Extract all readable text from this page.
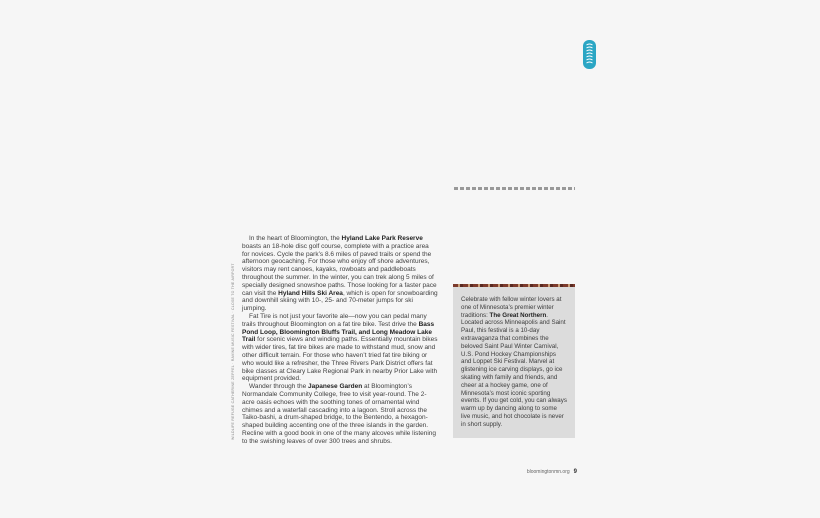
WILDLIFE REFUGE CATHERINE ZEPPEL · RAVINE MUSIC FESTIVAL · CLOSE TO THE AIRPORT

In the heart of Bloomington, the Hyland Lake Park Reserve boasts an 18-hole disc golf course, complete with a practice area for novices. Cycle the park’s 8.6 miles of paved trails or spend the afternoon geocaching. For those who enjoy off shore adventures, visitors may rent canoes, kayaks, rowboats and paddleboats throughout the summer. In the winter, you can trek along 5 miles of specially designed snowshoe paths. Those looking for a faster pace can visit the Hyland Hills Ski Area, which is open for snowboarding and downhill skiing with 10-, 25- and 70-meter jumps for ski jumping.

Fat Tire is not just your favorite ale—now you can pedal many trails throughout Bloomington on a fat tire bike. Test drive the Bass Pond Loop, Bloomington Bluffs Trail, and Long Meadow Lake Trail for scenic views and winding paths. Essentially mountain bikes with wider tires, fat tire bikes are made to withstand mud, snow and other difficult terrain. For those who haven’t tried fat tire biking or who would like a refresher, the Three Rivers Park District offers fat bike classes at Cleary Lake Regional Park in nearby Prior Lake with equipment provided.

Wander through the Japanese Garden at Bloomington’s Normandale Community College, free to visit year-round. The 2-acre oasis echoes with the soothing tones of ornamental wind chimes and a waterfall cascading into a lagoon. Stroll across the Taiko-bashi, a drum-shaped bridge, to the Bentendo, a hexagon-shaped building accenting one of the three islands in the garden. Recline with a good book in one of the many alcoves while listening to the swishing leaves of over 300 trees and shrubs.

Celebrate with fellow winter lovers at one of Minnesota’s premier winter traditions: The Great Northern. Located across Minneapolis and Saint Paul, this festival is a 10-day extravaganza that combines the beloved Saint Paul Winter Carnival, U.S. Pond Hockey Championships and Loppet Ski Festival. Marvel at glistening ice carving displays, go ice skating with family and friends, and cheer at a hockey game, one of Minnesota’s most iconic sporting events. If you get cold, you can always warm up by dancing along to some live music, and hot chocolate is never in short supply.
bloomingtonmn.org 9
